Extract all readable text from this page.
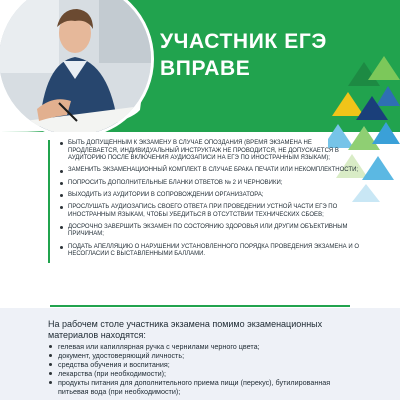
УЧАСТНИК ЕГЭ
ВПРАВЕ
БЫТЬ ДОПУЩЕННЫМ К ЭКЗАМЕНУ В СЛУЧАЕ ОПОЗДАНИЯ (ВРЕМЯ ЭКЗАМЕНА НЕ ПРОДЛЕВАЕТСЯ, ИНДИВИДУАЛЬНЫЙ ИНСТРУКТАЖ НЕ ПРОВОДИТСЯ, НЕ ДОПУСКАЕТСЯ В АУДИТОРИЮ ПОСЛЕ ВКЛЮЧЕНИЯ АУДИОЗАПИСИ НА ЕГЭ ПО ИНОСТРАННЫМ ЯЗЫКАМ);
ЗАМЕНИТЬ ЭКЗАМЕНАЦИОННЫЙ КОМПЛЕКТ В СЛУЧАЕ БРАКА ПЕЧАТИ ИЛИ НЕКОМПЛЕКТНОСТИ;
ПОПРОСИТЬ ДОПОЛНИТЕЛЬНЫЕ БЛАНКИ ОТВЕТОВ № 2 И ЧЕРНОВИКИ;
ВЫХОДИТЬ ИЗ АУДИТОРИИ В СОПРОВОЖДЕНИИ ОРГАНИЗАТОРА;
ПРОСЛУШАТЬ АУДИОЗАПИСЬ СВОЕГО ОТВЕТА ПРИ ПРОВЕДЕНИИ УСТНОЙ ЧАСТИ ЕГЭ ПО ИНОСТРАННЫМ ЯЗЫКАМ, ЧТОБЫ УБЕДИТЬСЯ В ОТСУТСТВИИ ТЕХНИЧЕСКИХ СБОЕВ;
ДОСРОЧНО ЗАВЕРШИТЬ ЭКЗАМЕН ПО СОСТОЯНИЮ ЗДОРОВЬЯ ИЛИ ДРУГИМ ОБЪЕКТИВНЫМ ПРИЧИНАМ;
ПОДАТЬ АПЕЛЛЯЦИЮ О НАРУШЕНИИ УСТАНОВЛЕННОГО ПОРЯДКА ПРОВЕДЕНИЯ ЭКЗАМЕНА И О НЕСОГЛАСИИ С ВЫСТАВЛЕННЫМИ БАЛЛАМИ.

На рабочем столе участника экзамена помимо экзаменационных материалов находятся:

гелевая или капиллярная ручка с чернилами черного цвета;
документ, удостоверяющий личность;
средства обучения и воспитания;
лекарства (при необходимости);
продукты питания для дополнительного приема пищи (перекус), бутилированная питьевая вода (при необходимости);
